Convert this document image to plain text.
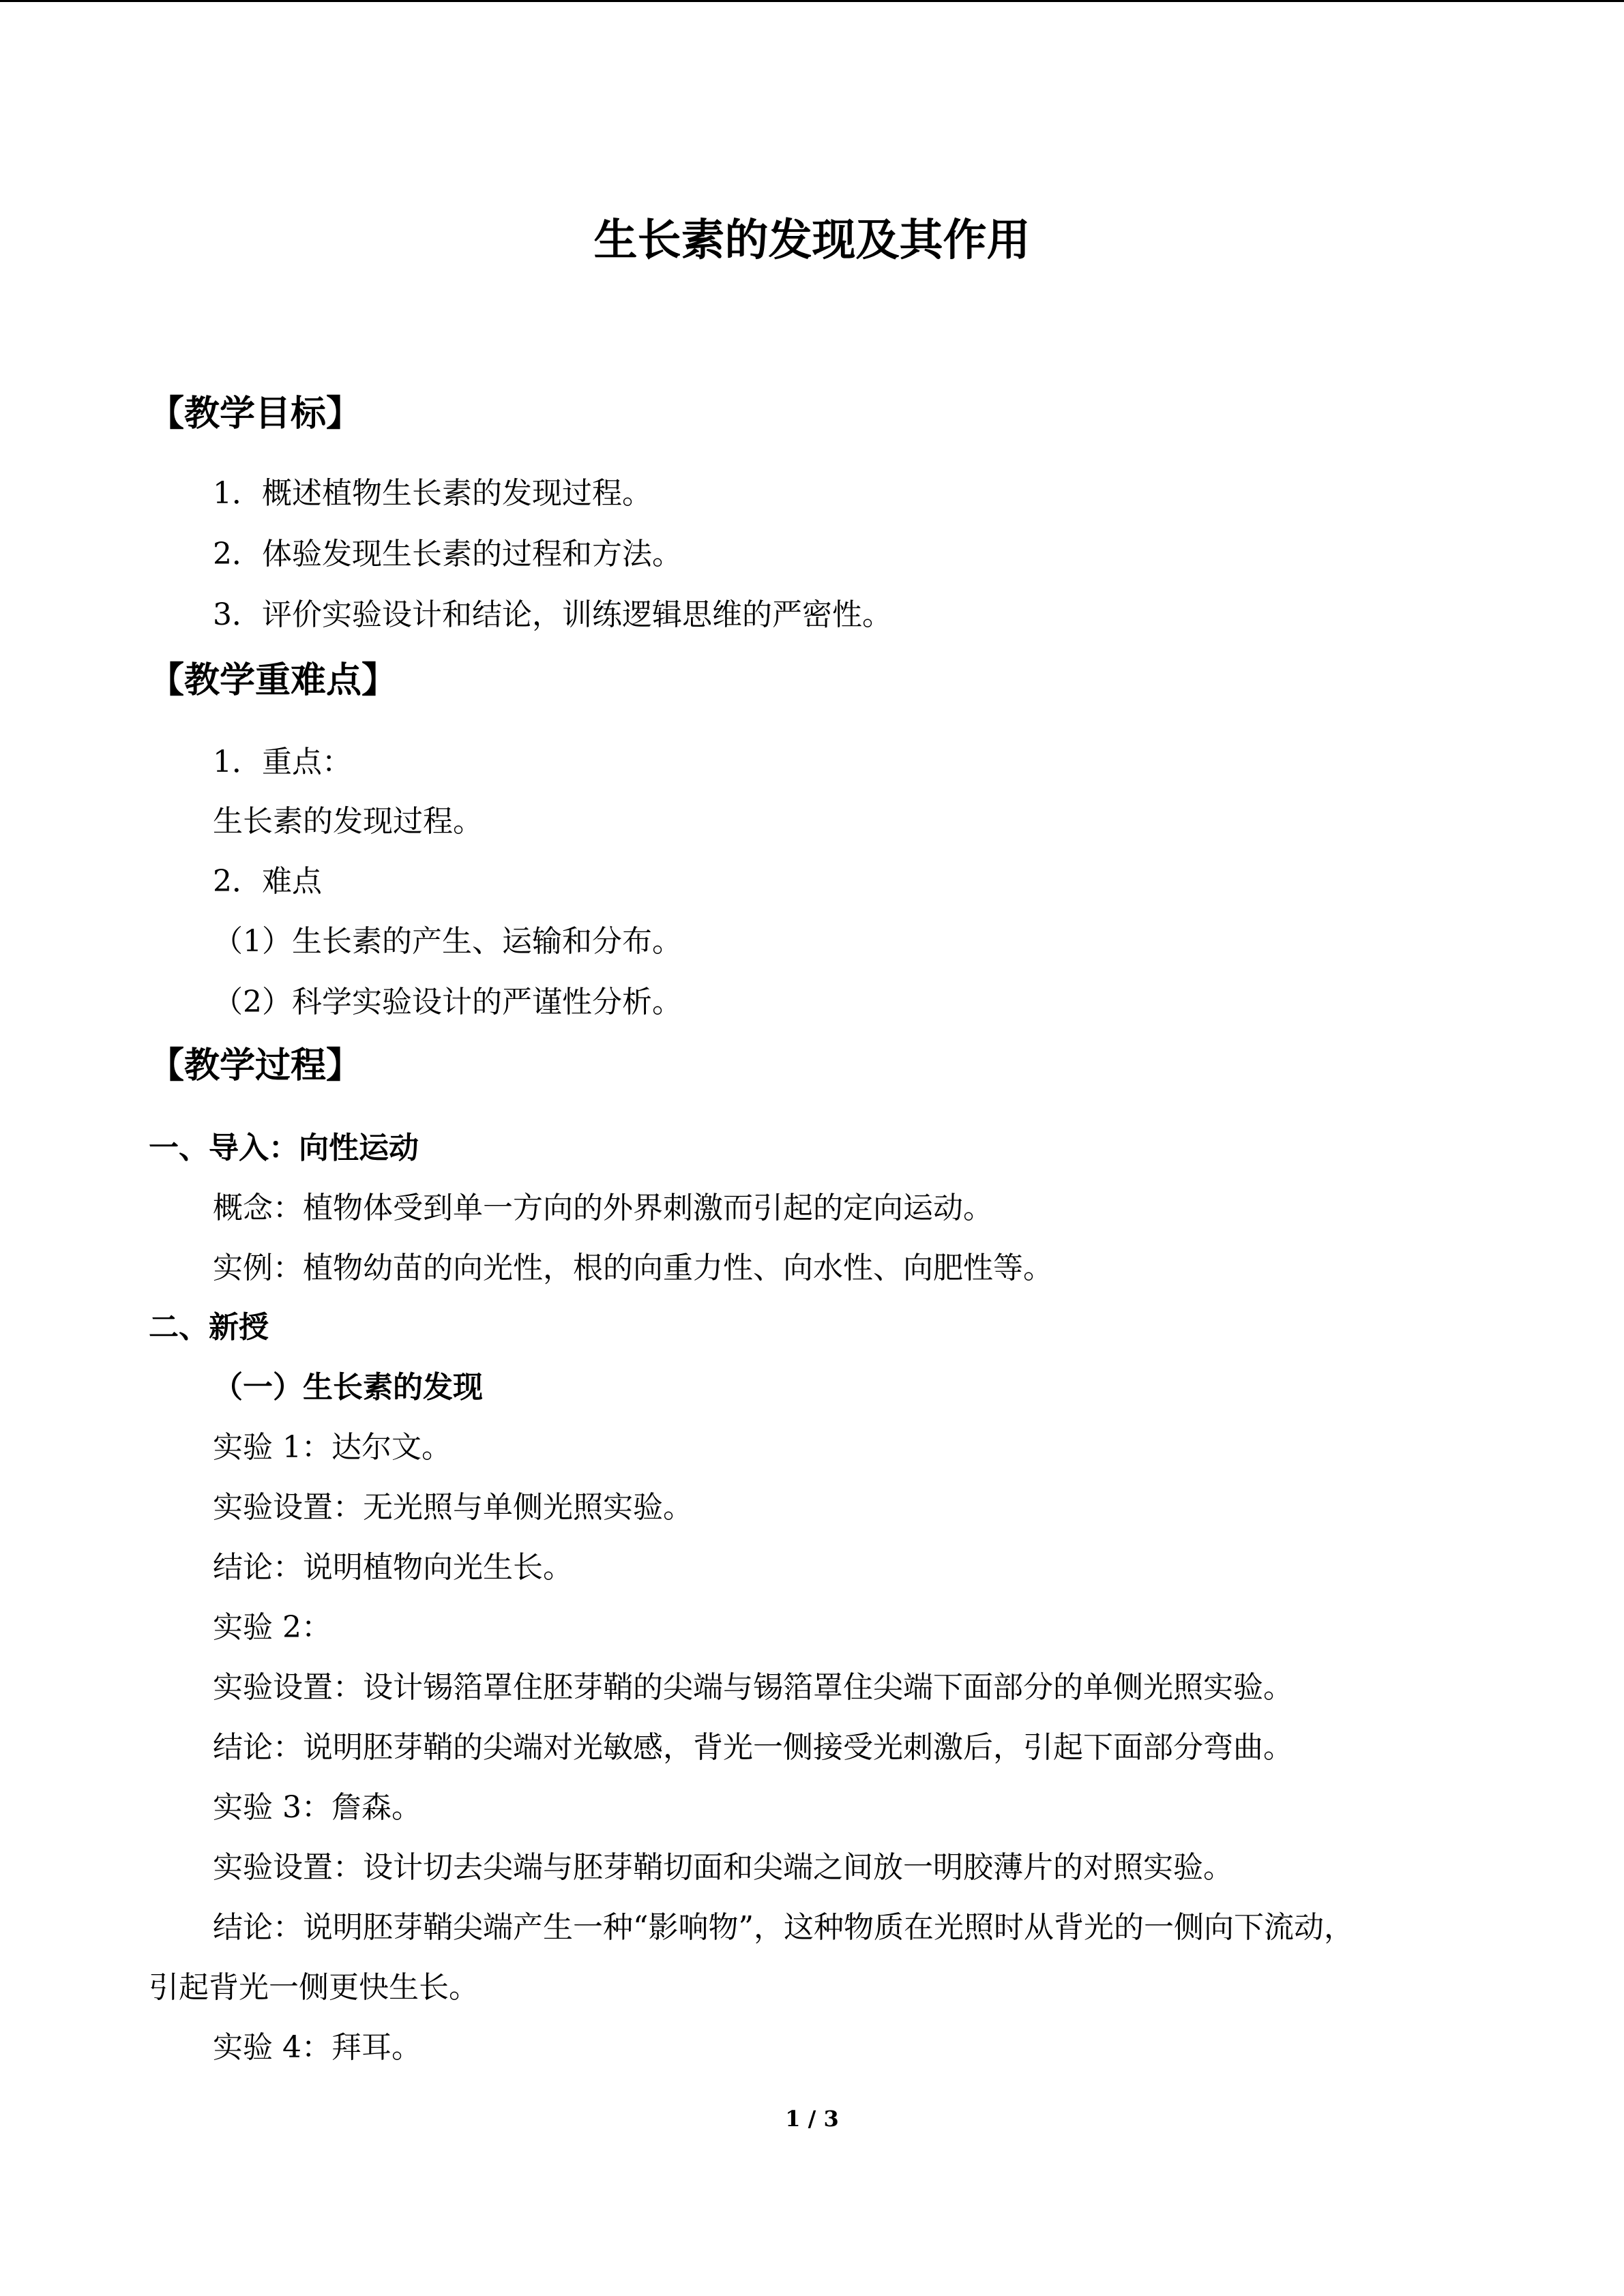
生长素的发现及其作用
【教学目标】
1．概述植物生长素的发现过程。
2．体验发现生长素的过程和方法。
3．评价实验设计和结论，训练逻辑思维的严密性。
【教学重难点】
1．重点：
生长素的发现过程。
2．难点
（1）生长素的产生、运输和分布。
（2）科学实验设计的严谨性分析。
【教学过程】
一、导入：向性运动
概念：植物体受到单一方向的外界刺激而引起的定向运动。
实例：植物幼苗的向光性，根的向重力性、向水性、向肥性等。
二、新授
（一）生长素的发现
实验 1：达尔文。
实验设置：无光照与单侧光照实验。
结论：说明植物向光生长。
实验 2：
实验设置：设计锡箔罩住胚芽鞘的尖端与锡箔罩住尖端下面部分的单侧光照实验。
结论：说明胚芽鞘的尖端对光敏感，背光一侧接受光刺激后，引起下面部分弯曲。
实验 3：詹森。
实验设置：设计切去尖端与胚芽鞘切面和尖端之间放一明胶薄片的对照实验。
结论：说明胚芽鞘尖端产生一种“影响物”，这种物质在光照时从背光的一侧向下流动，
引起背光一侧更快生长。
实验 4：拜耳。
1 / 3
